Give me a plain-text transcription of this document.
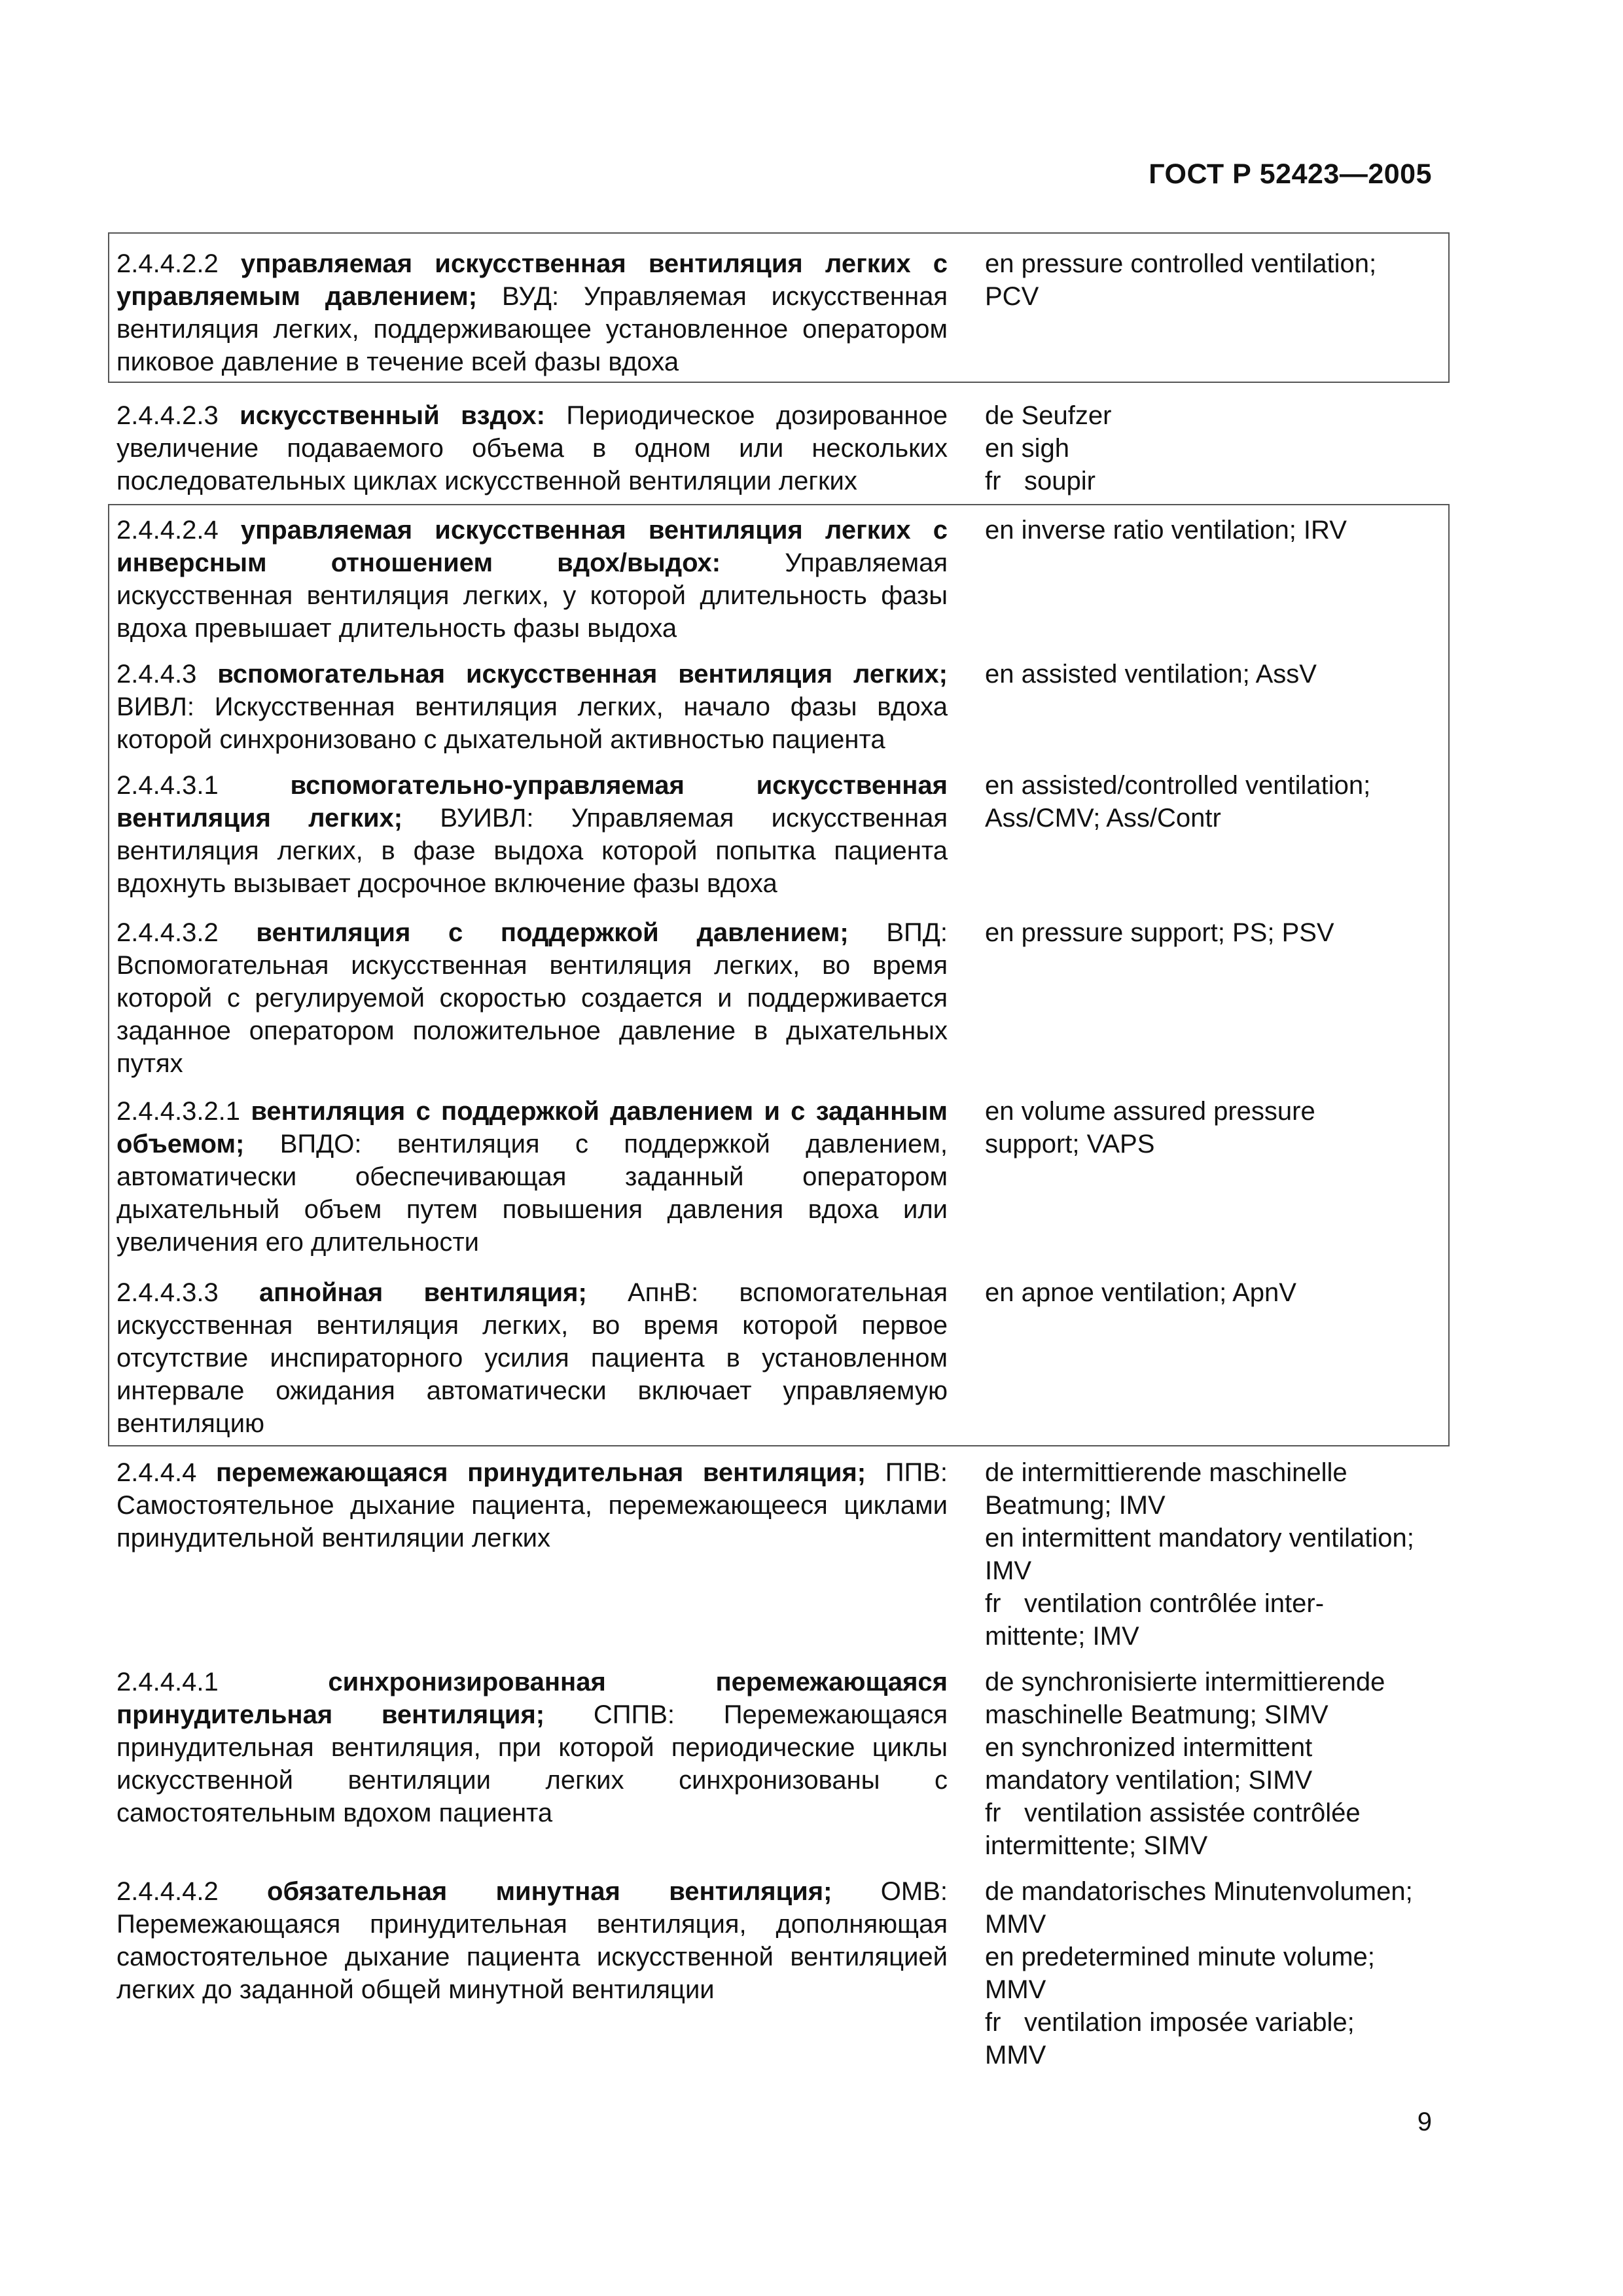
ГОСТ Р 52423—2005
2.4.4.2.2 управляемая искусственная вентиляция легких с управляемым давлением; ВУД: Управляемая искусственная вентиляция легких, поддерживающее установленное оператором пиковое давление в течение всей фазы вдоха
en pressure controlled ventilation;
PCV
2.4.4.2.3 искусственный вздох: Периодическое дозированное увеличение подаваемого объема в одном или нескольких последовательных циклах искусственной вентиляции легких
de Seufzer
en sigh
fr soupir
2.4.4.2.4 управляемая искусственная вентиляция легких с инверсным отношением вдох/выдох: Управляемая искусственная вентиляция легких, у которой длительность фазы вдоха превышает длительность фазы выдоха
en inverse ratio ventilation; IRV
2.4.4.3 вспомогательная искусственная вентиляция легких; ВИВЛ: Искусственная вентиляция легких, начало фазы вдоха которой синхронизовано с дыхательной активностью пациента
en assisted ventilation; AssV
2.4.4.3.1	вспомогательно-управляемая искусственная вентиляция легких; ВУИВЛ: Управляемая искусственная вентиляция легких, в фазе выдоха которой попытка пациента вдохнуть вызывает досрочное включение фазы вдоха
en assisted/controlled ventilation;
Ass/CMV; Ass/Contr
2.4.4.3.2 вентиляция с поддержкой давлением; ВПД: Вспомогательная искусственная вентиляция легких, во время которой с регулируемой скоростью создается и поддерживается заданное оператором положительное давление в дыхательных путях
en pressure support; PS; PSV
2.4.4.3.2.1 вентиляция с поддержкой давлением и с заданным объемом; ВПДО: вентиляция с поддержкой давлением, автоматически обеспечивающая заданный оператором дыхательный объем путем повышения давления вдоха или увеличения его длительности
en volume assured pressure
support; VAPS
2.4.4.3.3 апнойная вентиляция; АпнВ: вспомогательная искусственная вентиляция легких, во время которой первое отсутствие инспираторного усилия пациента в установленном интервале ожидания автоматически включает управляемую вентиляцию
en apnoe ventilation; ApnV
2.4.4.4 перемежающаяся принудительная вентиляция; ППВ: Самостоятельное дыхание пациента, перемежающееся циклами принудительной вентиляции легких
de intermittierende maschinelle
Beatmung; IMV
en intermittent mandatory ventilation;
IMV
fr ventilation contrôlée inter-
mittente; IMV
2.4.4.4.1	синхронизированная перемежающаяся принудительная вентиляция; СППВ: Перемежающаяся принудительная вентиляция, при которой периодические циклы искусственной вентиляции легких синхронизованы с самостоятельным вдохом пациента
de synchronisierte intermittierende
maschinelle Beatmung; SIMV
en synchronized intermittent
mandatory ventilation; SIMV
fr ventilation assistée contrôlée
intermittente; SIMV
2.4.4.4.2 обязательная минутная вентиляция; ОМВ: Перемежающаяся принудительная вентиляция, дополняющая самостоятельное дыхание пациента искусственной вентиляцией легких до заданной общей минутной вентиляции
de mandatorisches Minutenvolumen;
MMV
en predetermined minute volume;
MMV
fr ventilation imposée variable;
MMV
9
